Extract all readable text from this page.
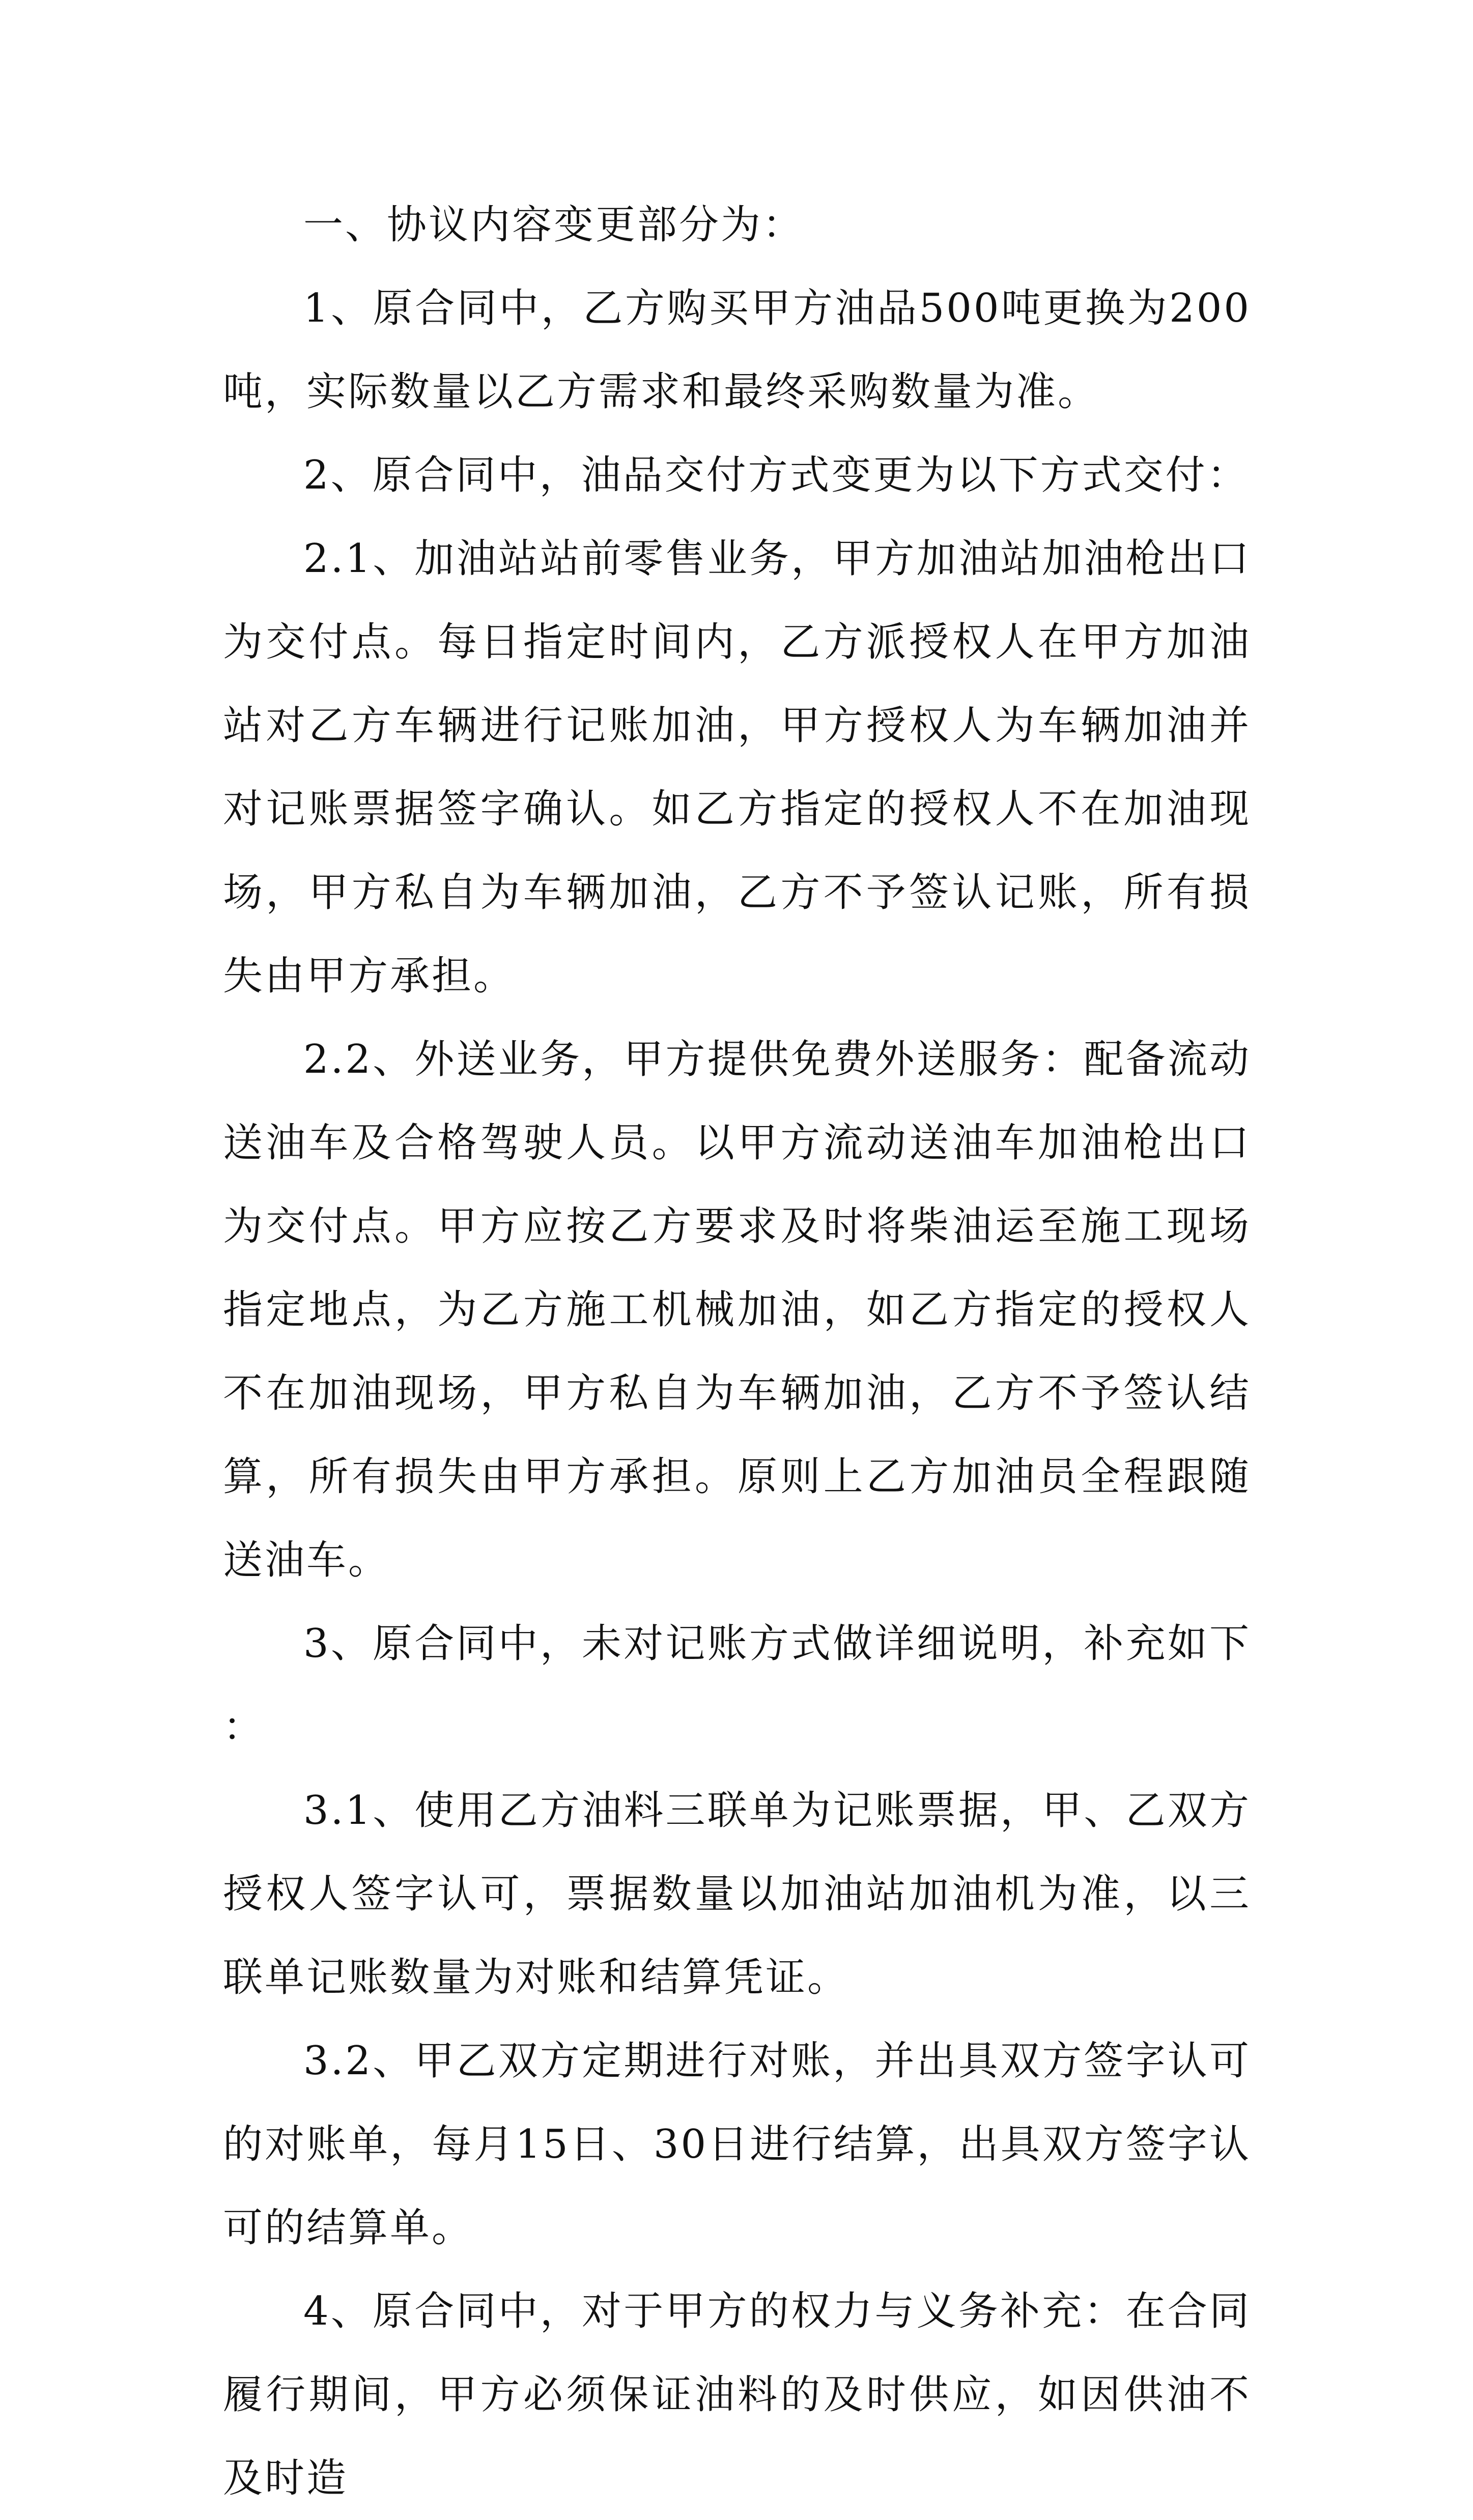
一、协议内容变更部分为：

1、原合同中，乙方购买甲方油品500吨更换为200吨，实际数量以乙方需求和最终采购数量为准。

2、原合同中，油品交付方式变更为以下方式交付：

2.1、加油站站前零售业务，甲方加油站加油枪出口为交付点。每日指定时间内，乙方派授权人在甲方加油站对乙方车辆进行记账加油，甲方授权人为车辆加油并对记账票据签字确认。如乙方指定的授权人不在加油现场，甲方私自为车辆加油，乙方不予签认记账，所有损失由甲方承担。

2.2、外送业务，甲方提供免费外送服务：配备流动送油车及合格驾驶人员。以甲方流动送油车加油枪出口为交付点。甲方应按乙方要求及时将柴油运至施工现场指定地点，为乙方施工机械加油，如乙方指定的授权人不在加油现场，甲方私自为车辆加油，乙方不予签认结算，所有损失由甲方承担。原则上乙方加油员全程跟随送油车。

3、原合同中，未对记账方式做详细说明，补充如下：

3.1、使用乙方油料三联单为记账票据，甲、乙双方授权人签字认可，票据数量以加油站加油机为准，以三联单记账数量为对账和结算凭证。

3.2、甲乙双方定期进行对账，并出具双方签字认可的对账单，每月15日、30日进行结算，出具双方签字认可的结算单。

4、原合同中，对于甲方的权力与义务补充：在合同履行期间，甲方必须保证油料的及时供应，如因供油不及时造
